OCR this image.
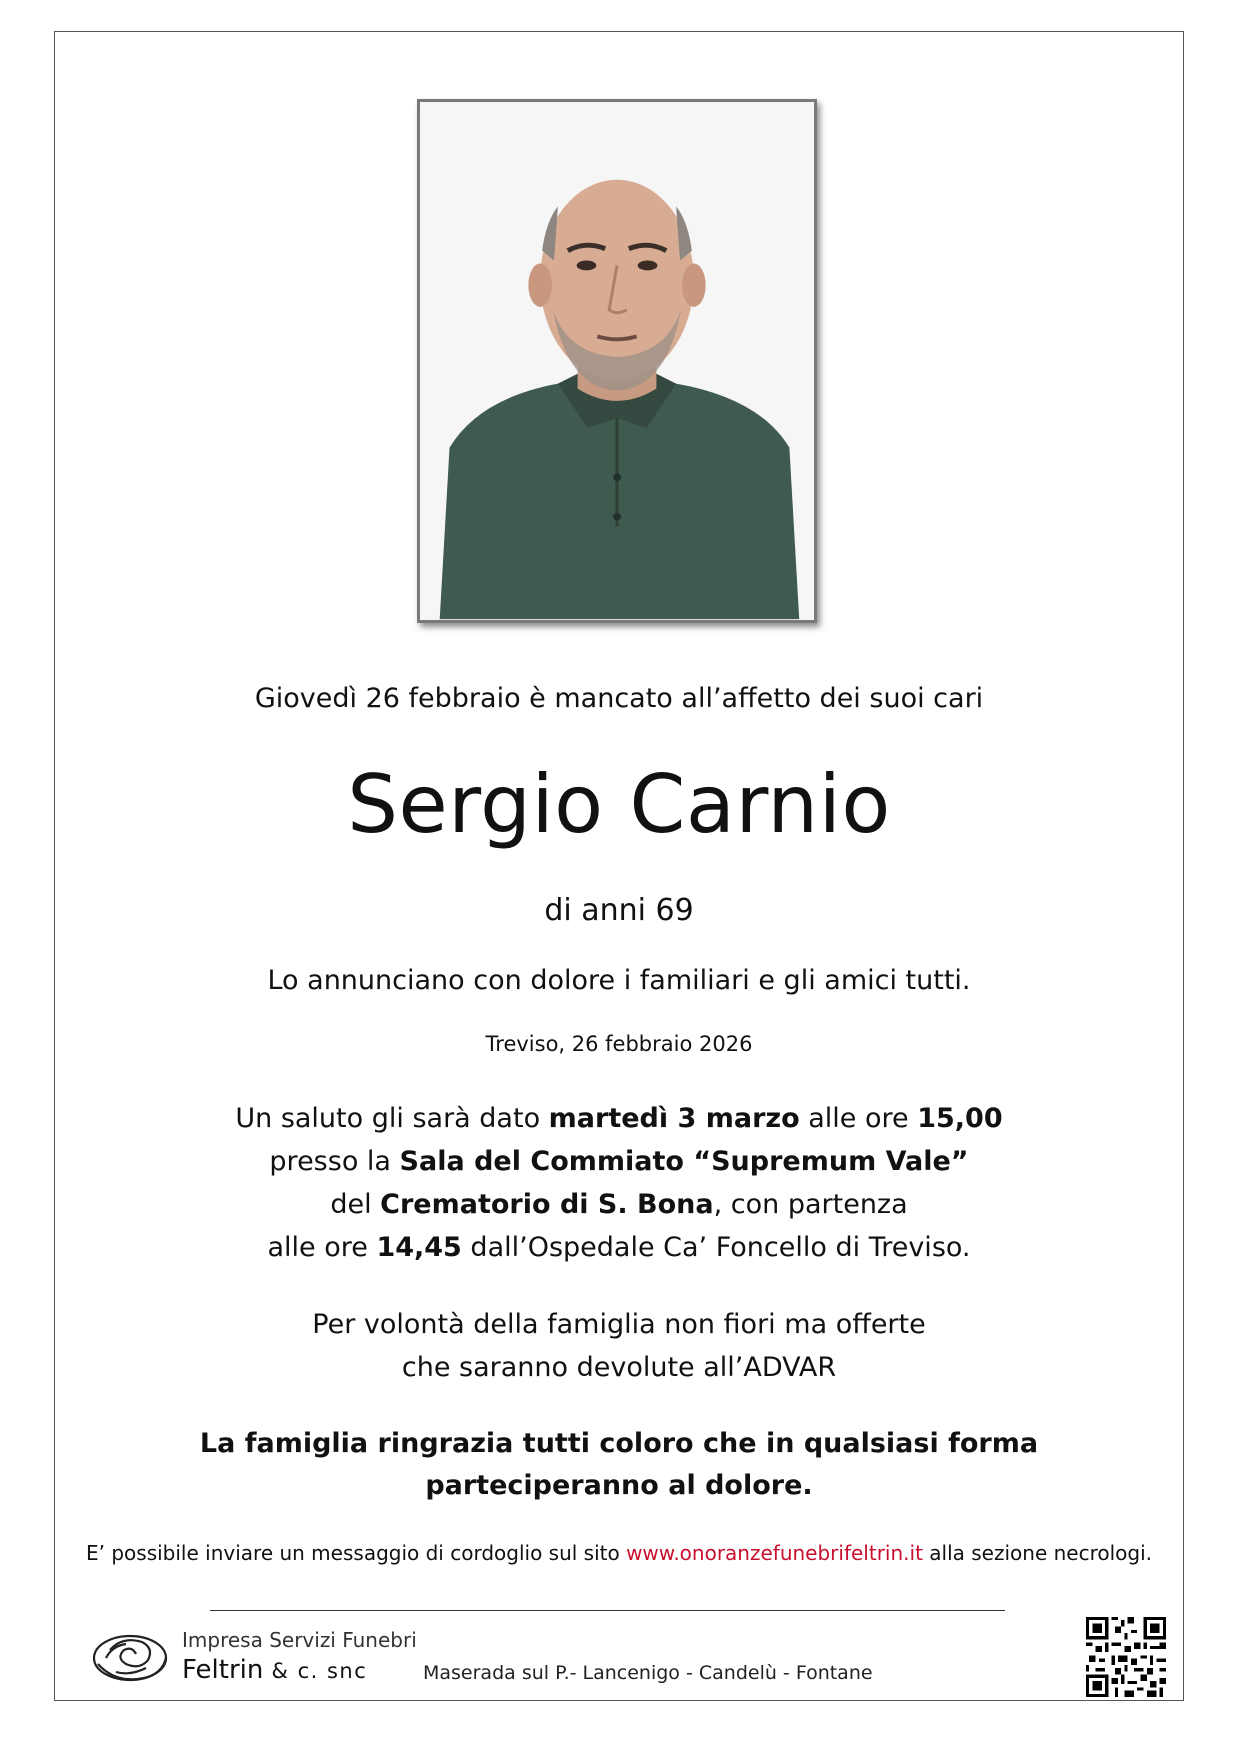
Giovedì 26 febbraio è mancato all’affetto dei suoi cari
Sergio Carnio
di anni 69
Lo annunciano con dolore i familiari e gli amici tutti.
Treviso, 26 febbraio 2026
Un saluto gli sarà dato martedì 3 marzo alle ore 15,00
presso la Sala del Commiato “Supremum Vale”
del Crematorio di S. Bona, con partenza
alle ore 14,45 dall’Ospedale Ca’ Foncello di Treviso.
Per volontà della famiglia non fiori ma offerte
che saranno devolute all’ADVAR
La famiglia ringrazia tutti coloro che in qualsiasi forma
parteciperanno al dolore.
E’ possibile inviare un messaggio di cordoglio sul sito www.onoranzefunebrifeltrin.it alla sezione necrologi.
Impresa Servizi Funebri
Feltrin & c. snc	Maserada sul P.- Lancenigo - Candelù - Fontane
